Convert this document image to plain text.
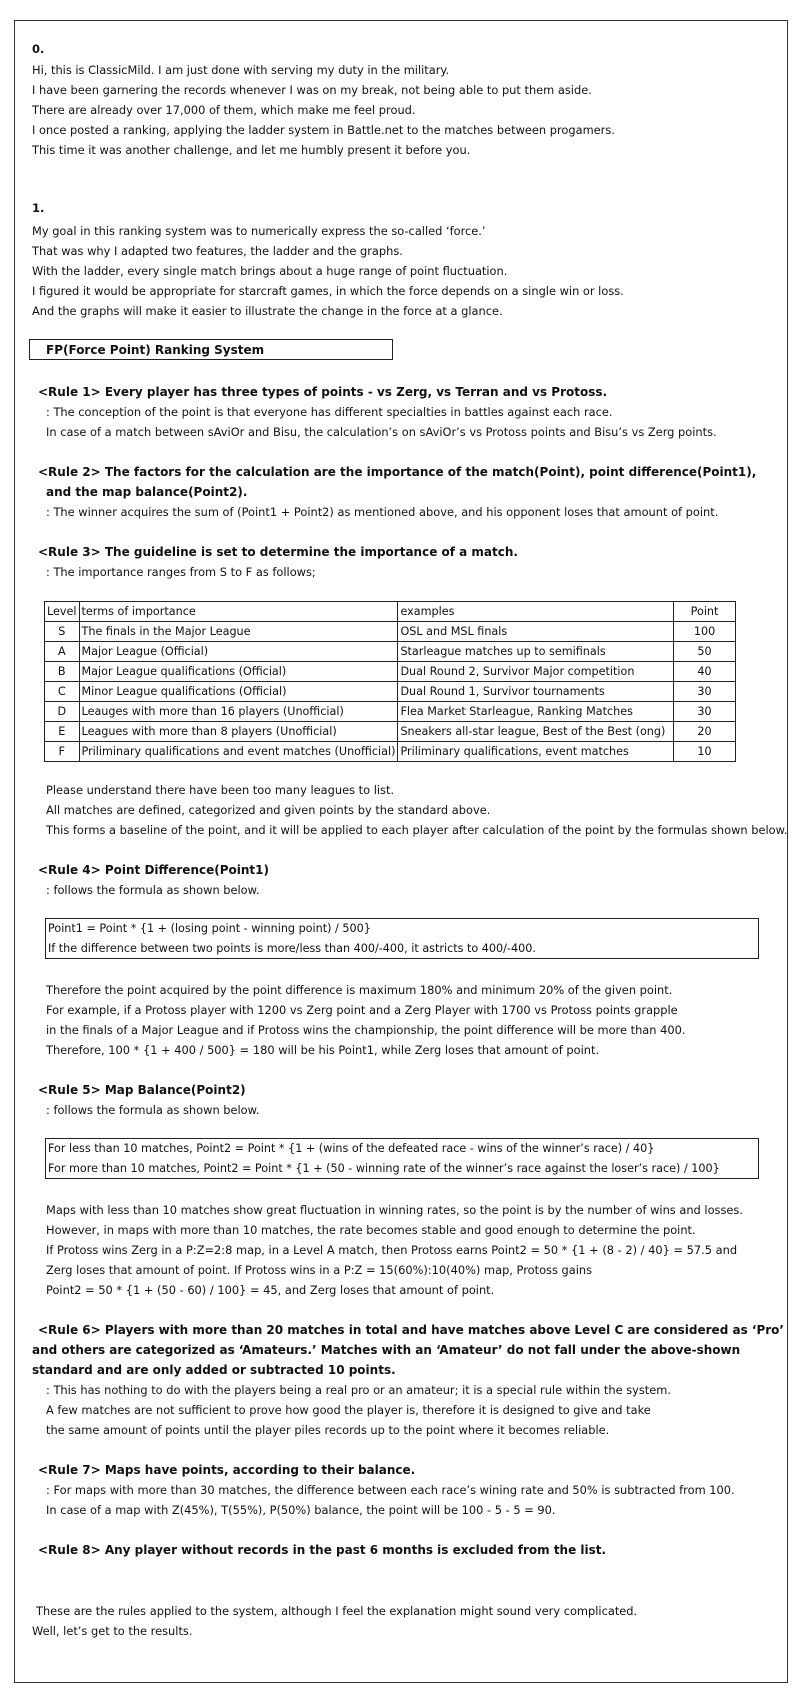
0.
Hi, this is ClassicMild. I am just done with serving my duty in the military.
I have been garnering the records whenever I was on my break, not being able to put them aside.
There are already over 17,000 of them, which make me feel proud.
I once posted a ranking, applying the ladder system in Battle.net to the matches between progamers.
This time it was another challenge, and let me humbly present it before you.
1.
My goal in this ranking system was to numerically express the so-called ‘force.’
That was why I adapted two features, the ladder and the graphs.
With the ladder, every single match brings about a huge range of point fluctuation.
I figured it would be appropriate for starcraft games, in which the force depends on a single win or loss.
And the graphs will make it easier to illustrate the change in the force at a glance.
FP(Force Point) Ranking System
<Rule 1> Every player has three types of points - vs Zerg, vs Terran and vs Protoss.
: The conception of the point is that everyone has different specialties in battles against each race.
In case of a match between sAviOr and Bisu, the calculation’s on sAviOr’s vs Protoss points and Bisu’s vs Zerg points.
<Rule 2> The factors for the calculation are the importance of the match(Point), point difference(Point1),
and the map balance(Point2).
: The winner acquires the sum of (Point1 + Point2) as mentioned above, and his opponent loses that amount of point.
<Rule 3> The guideline is set to determine the importance of a match.
: The importance ranges from S to F as follows;
Level	terms of importance	examples	Point
S	The finals in the Major League	OSL and MSL finals	100
A	Major League (Official)	Starleague matches up to semifinals	50
B	Major League qualifications (Official)	Dual Round 2, Survivor Major competition	40
C	Minor League qualifications (Official)	Dual Round 1, Survivor tournaments	30
D	Leauges with more than 16 players (Unofficial)	Flea Market Starleague, Ranking Matches	30
E	Leagues with more than 8 players (Unofficial)	Sneakers all-star league, Best of the Best (ong)	20
F	Priliminary qualifications and event matches (Unofficial)	Priliminary qualifications, event matches	10
Please understand there have been too many leagues to list.
All matches are defined, categorized and given points by the standard above.
This forms a baseline of the point, and it will be applied to each player after calculation of the point by the formulas shown below.
<Rule 4> Point Difference(Point1)
: follows the formula as shown below.
Point1 = Point * {1 + (losing point - winning point) / 500}
If the difference between two points is more/less than 400/-400, it astricts to 400/-400.
Therefore the point acquired by the point difference is maximum 180% and minimum 20% of the given point.
For example, if a Protoss player with 1200 vs Zerg point and a Zerg Player with 1700 vs Protoss points grapple
in the finals of a Major League and if Protoss wins the championship, the point difference will be more than 400.
Therefore, 100 * {1 + 400 / 500} = 180 will be his Point1, while Zerg loses that amount of point.
<Rule 5> Map Balance(Point2)
: follows the formula as shown below.
For less than 10 matches, Point2 = Point * {1 + (wins of the defeated race - wins of the winner’s race) / 40}
For more than 10 matches, Point2 = Point * {1 + (50 - winning rate of the winner’s race against the loser’s race) / 100}
Maps with less than 10 matches show great fluctuation in winning rates, so the point is by the number of wins and losses.
However, in maps with more than 10 matches, the rate becomes stable and good enough to determine the point.
If Protoss wins Zerg in a P:Z=2:8 map, in a Level A match, then Protoss earns Point2 = 50 * {1 + (8 - 2) / 40} = 57.5 and
Zerg loses that amount of point. If Protoss wins in a P:Z = 15(60%):10(40%) map, Protoss gains
Point2 = 50 * {1 + (50 - 60) / 100} = 45, and Zerg loses that amount of point.
<Rule 6> Players with more than 20 matches in total and have matches above Level C are considered as ‘Pro’
and others are categorized as ‘Amateurs.’ Matches with an ‘Amateur’ do not fall under the above-shown
standard and are only added or subtracted 10 points.
: This has nothing to do with the players being a real pro or an amateur; it is a special rule within the system.
A few matches are not sufficient to prove how good the player is, therefore it is designed to give and take
the same amount of points until the player piles records up to the point where it becomes reliable.
<Rule 7> Maps have points, according to their balance.
: For maps with more than 30 matches, the difference between each race’s wining rate and 50% is subtracted from 100.
In case of a map with Z(45%), T(55%), P(50%) balance, the point will be 100 - 5 - 5 = 90.
<Rule 8> Any player without records in the past 6 months is excluded from the list.
These are the rules applied to the system, although I feel the explanation might sound very complicated.
Well, let’s get to the results.
